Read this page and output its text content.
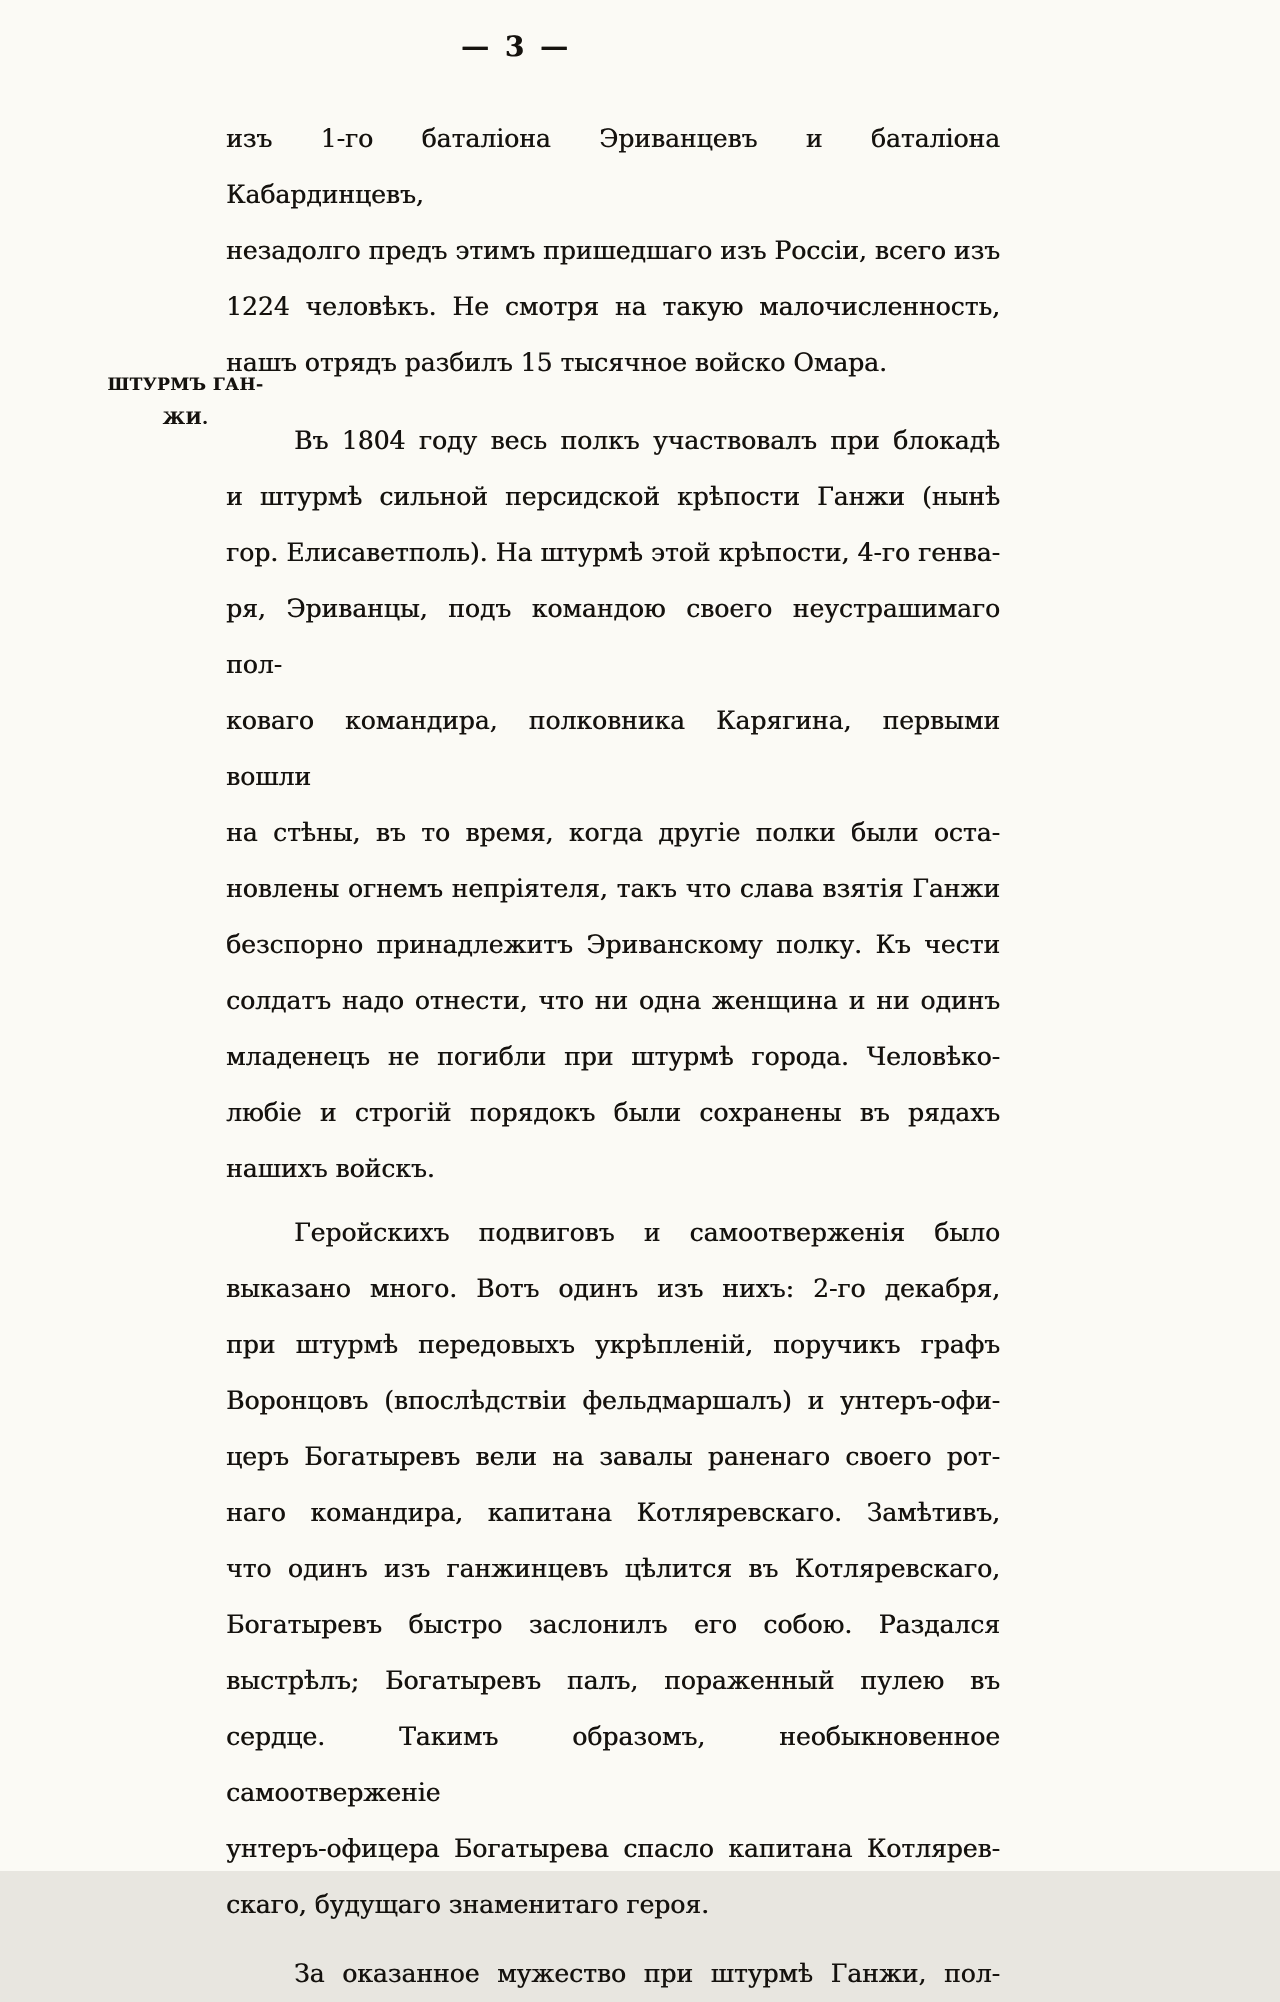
— 3 —
ШТУРМЪ ГАН-
ЖИ.
изъ 1-го баталіона Эриванцевъ и баталіона Кабардинцевъ,
незадолго предъ этимъ пришедшаго изъ Россіи, всего изъ
1224 человѣкъ. Не смотря на такую малочисленность,
нашъ отрядъ разбилъ 15 тысячное войско Омара.
Въ 1804 году весь полкъ участвовалъ при блокадѣ
и штурмѣ сильной персидской крѣпости Ганжи (нынѣ
гор. Елисаветполь). На штурмѣ этой крѣпости, 4-го генва-
ря, Эриванцы, подъ командою своего неустрашимаго пол-
коваго командира, полковника Карягина, первыми вошли
на стѣны, въ то время, когда другіе полки были оста-
новлены огнемъ непріятеля, такъ что слава взятія Ганжи
безспорно принадлежитъ Эриванскому полку. Къ чести
солдатъ надо отнести, что ни одна женщина и ни одинъ
младенецъ не погибли при штурмѣ города. Человѣко-
любіе и строгій порядокъ были сохранены въ рядахъ
нашихъ войскъ.
Геройскихъ подвиговъ и самоотверженія было
выказано много. Вотъ одинъ изъ нихъ: 2-го декабря,
при штурмѣ передовыхъ укрѣпленій, поручикъ графъ
Воронцовъ (впослѣдствіи фельдмаршалъ) и унтеръ-офи-
церъ Богатыревъ вели на завалы раненаго своего рот-
наго командира, капитана Котляревскаго. Замѣтивъ,
что одинъ изъ ганжинцевъ цѣлится въ Котляревскаго,
Богатыревъ быстро заслонилъ его собою. Раздался
выстрѣлъ; Богатыревъ палъ, пораженный пулею въ
сердце. Такимъ образомъ, необыкновенное самоотверженіе
унтеръ-офицера Богатырева спасло капитана Котлярев-
скаго, будущаго знаменитаго героя.
За оказанное мужество при штурмѣ Ганжи, пол-
